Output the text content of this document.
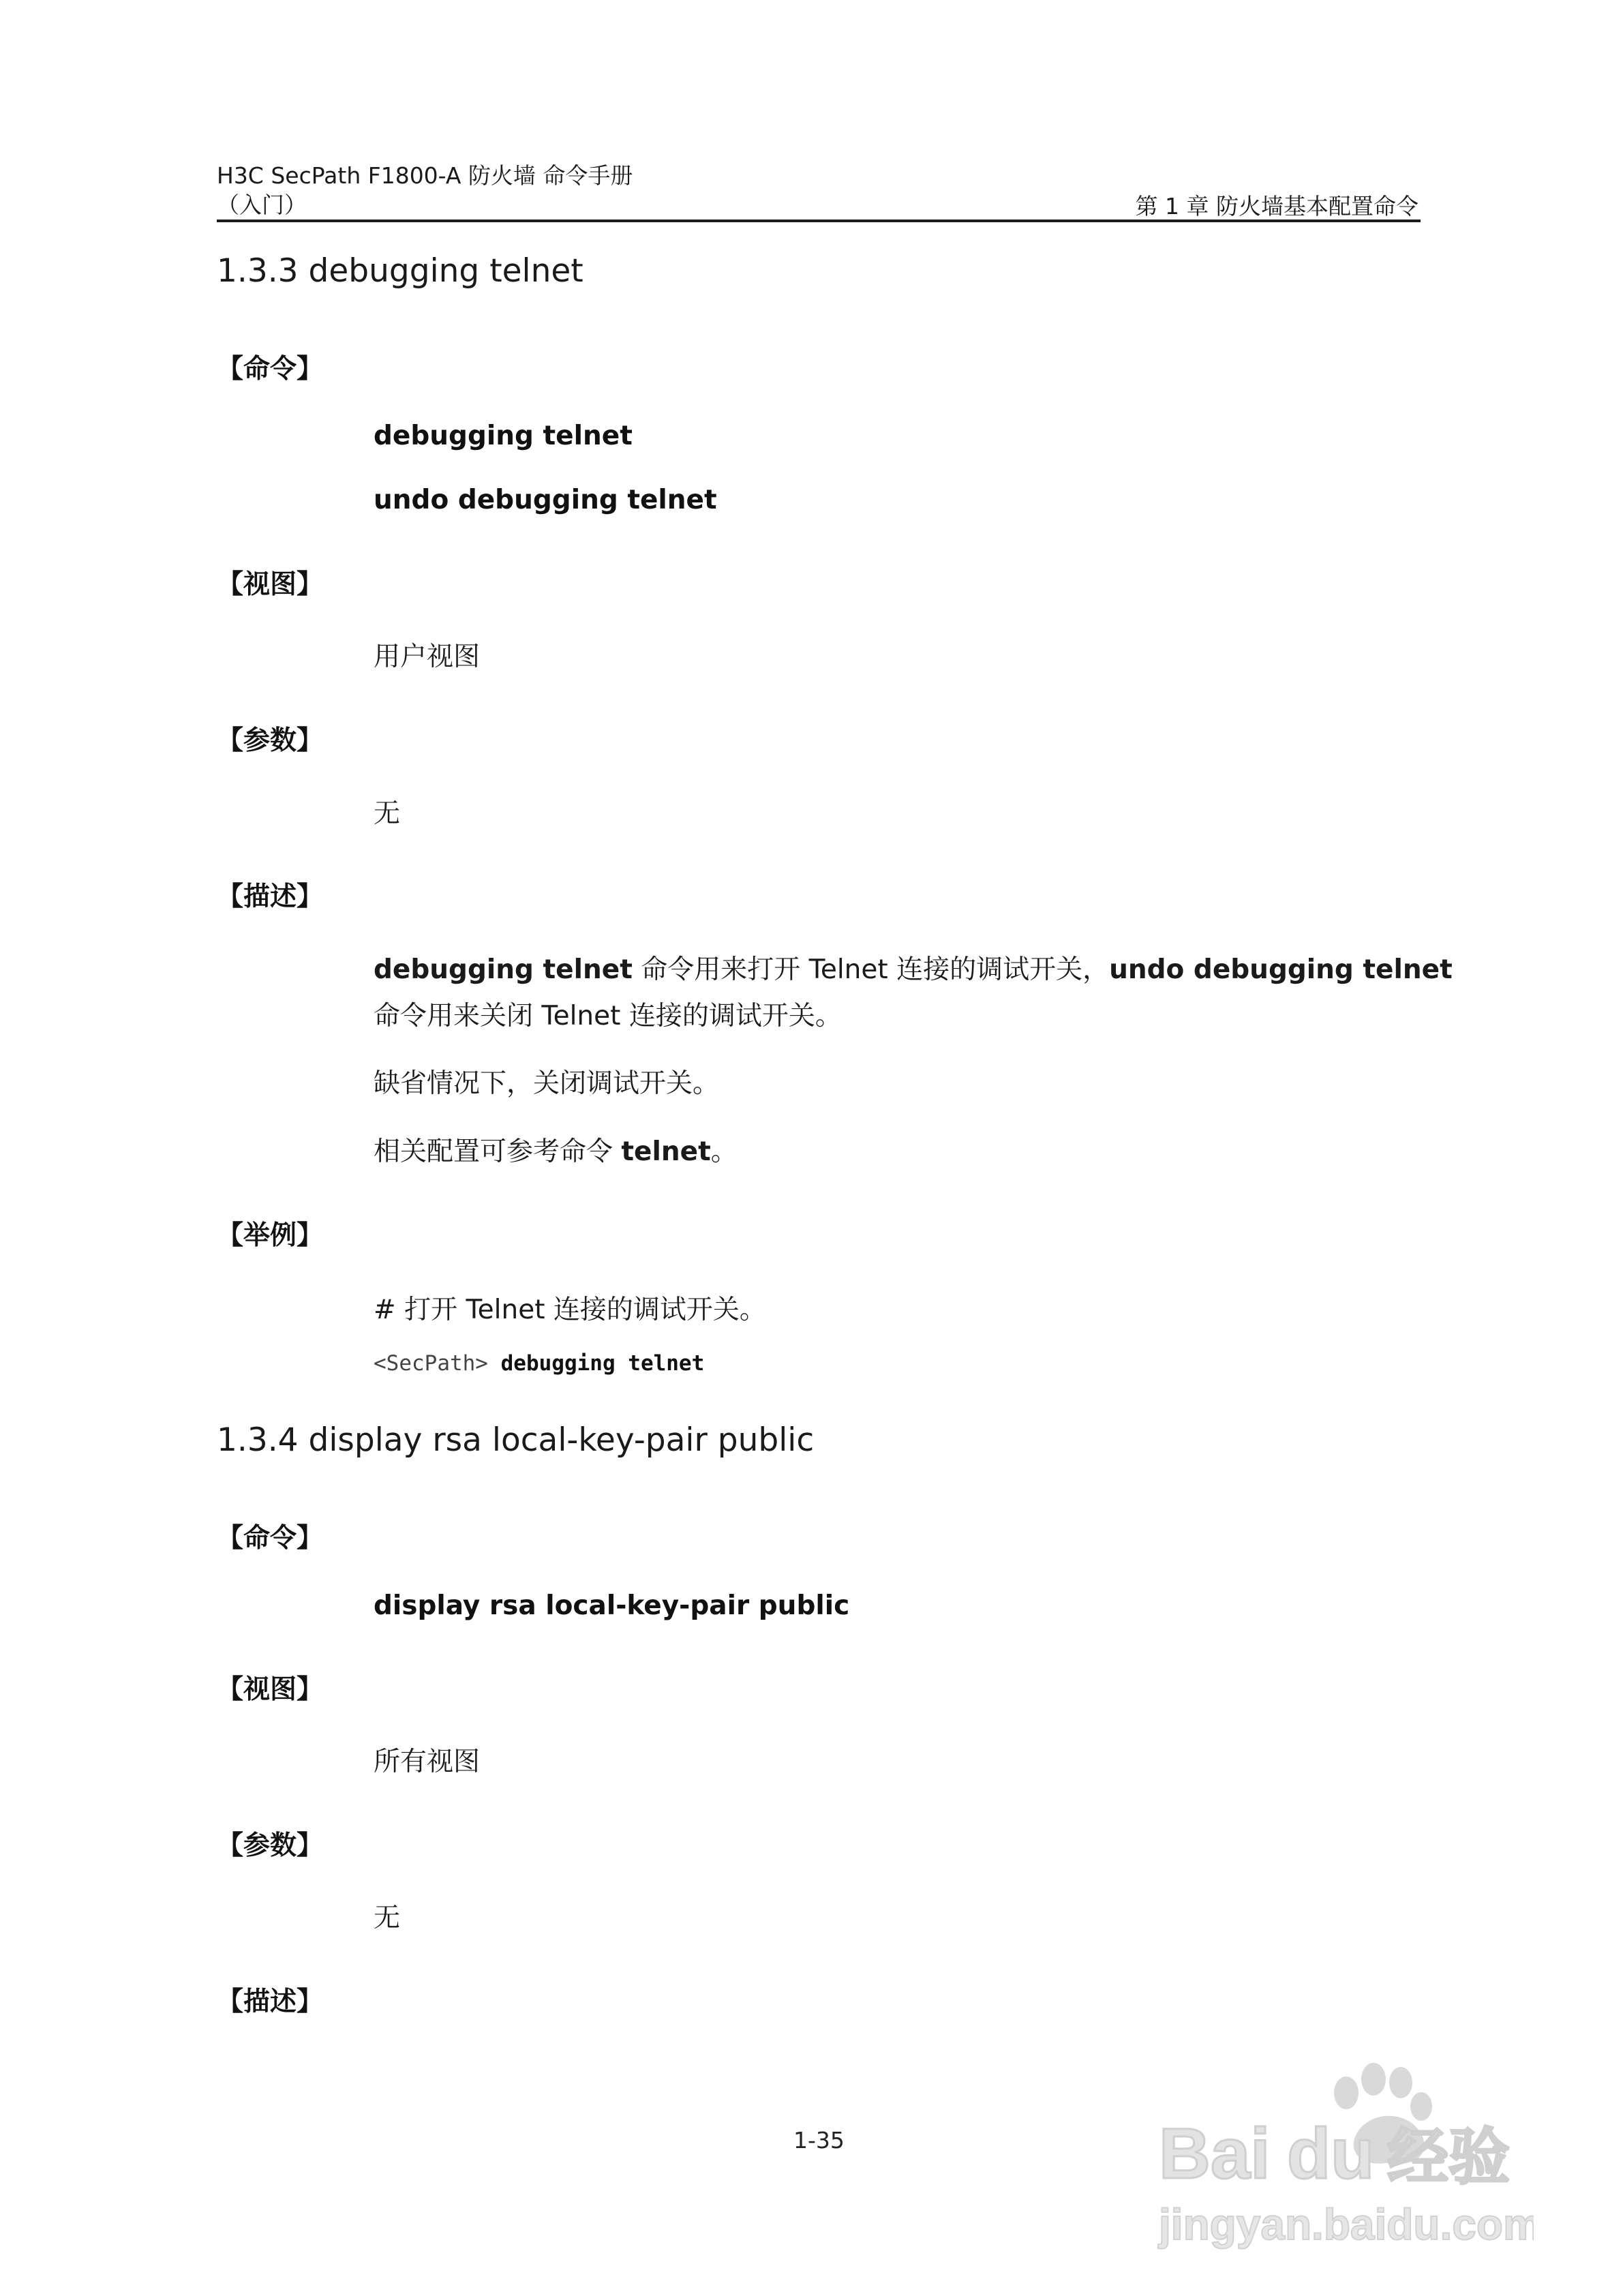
H3C SecPath F1800-A 防火墙 命令手册
（入门）	第 1 章 防火墙基本配置命令
1.3.3 debugging telnet
【命令】
debugging telnet
undo debugging telnet
【视图】
用户视图
【参数】
无
【描述】
debugging telnet 命令用来打开 Telnet 连接的调试开关，undo debugging telnet
命令用来关闭 Telnet 连接的调试开关。
缺省情况下，关闭调试开关。
相关配置可参考命令 telnet。
【举例】
# 打开 Telnet 连接的调试开关。
<SecPath> debugging telnet
1.3.4 display rsa local-key-pair public
【命令】
display rsa local-key-pair public
【视图】
所有视图
【参数】
无
【描述】
1-35	Bai du 经验
jingyan.baidu.com
